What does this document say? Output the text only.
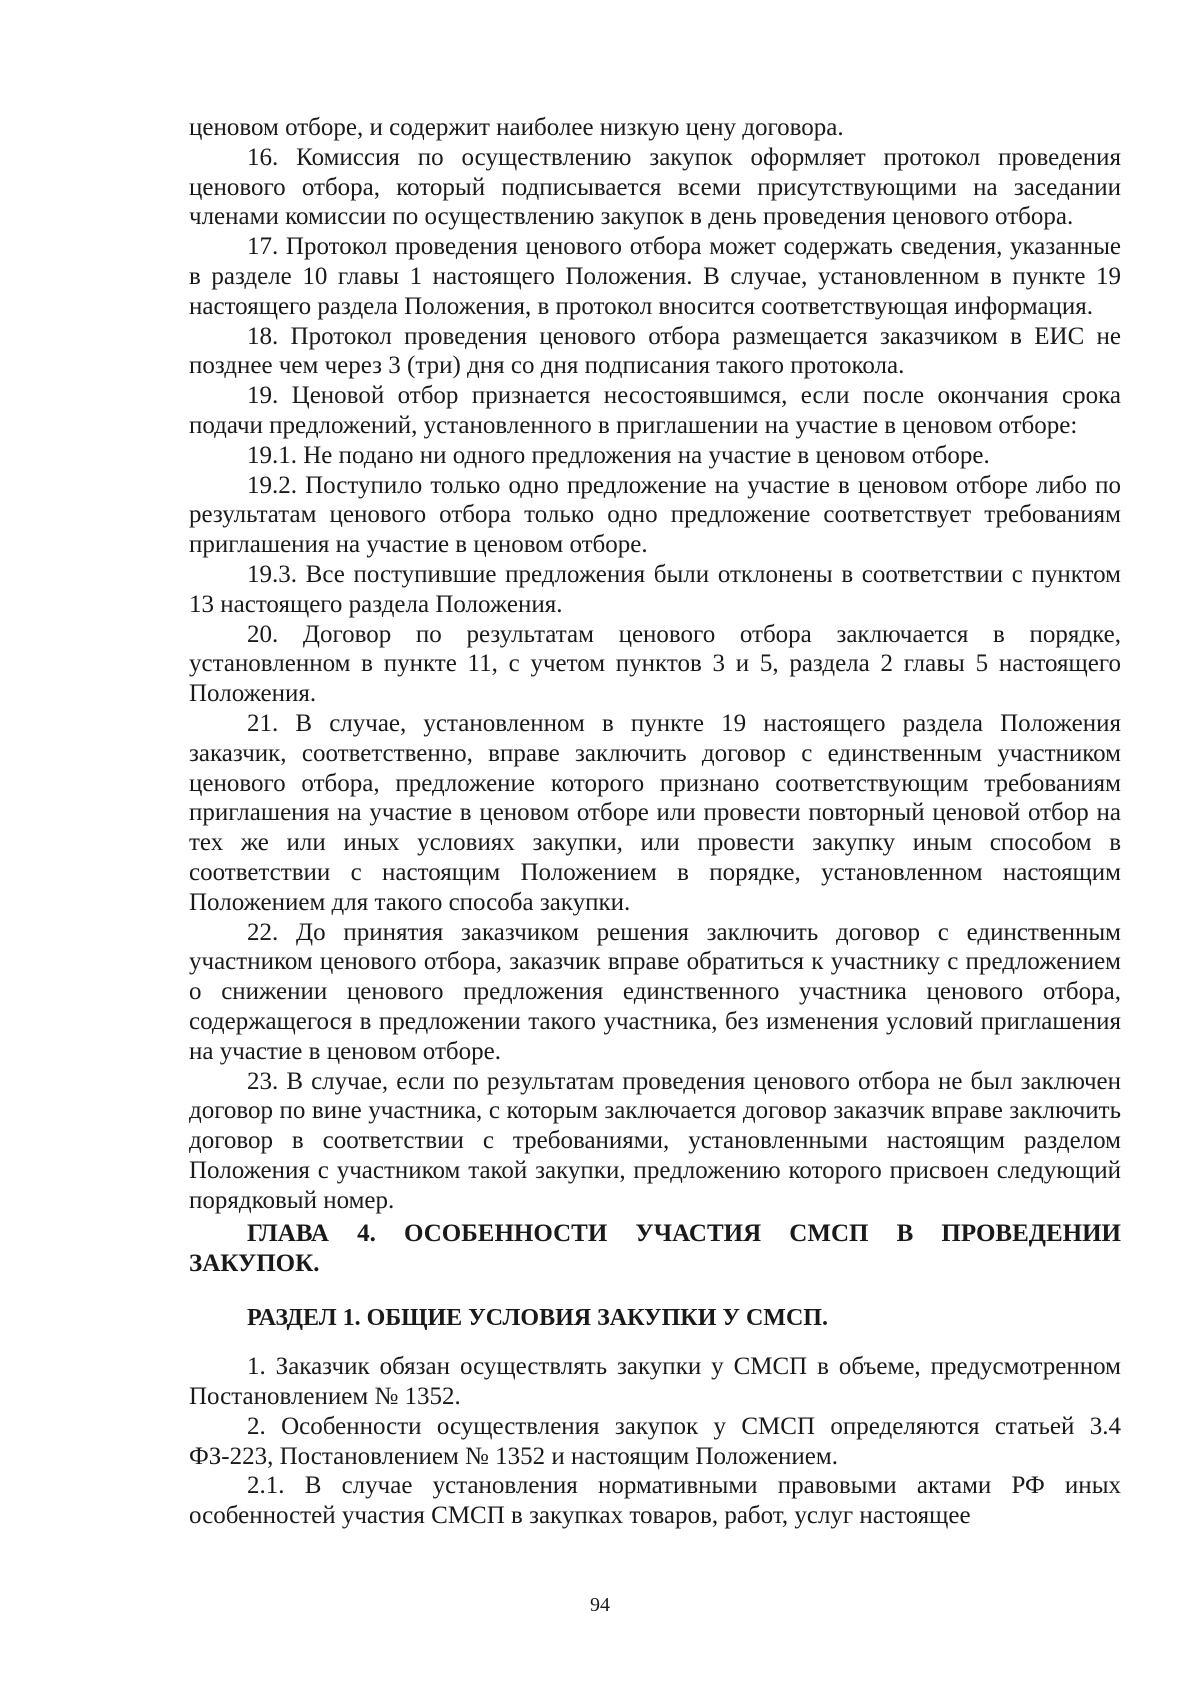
ценовом отборе, и содержит наиболее низкую цену договора.

16. Комиссия по осуществлению закупок оформляет протокол проведения ценового отбора, который подписывается всеми присутствующими на заседании членами комиссии по осуществлению закупок в день проведения ценового отбора.

17. Протокол проведения ценового отбора может содержать сведения, указанные в разделе 10 главы 1 настоящего Положения. В случае, установленном в пункте 19 настоящего раздела Положения, в протокол вносится соответствующая информация.

18. Протокол проведения ценового отбора размещается заказчиком в ЕИС не позднее чем через 3 (три) дня со дня подписания такого протокола.

19. Ценовой отбор признается несостоявшимся, если после окончания срока подачи предложений, установленного в приглашении на участие в ценовом отборе:

19.1. Не подано ни одного предложения на участие в ценовом отборе.

19.2. Поступило только одно предложение на участие в ценовом отборе либо по результатам ценового отбора только одно предложение соответствует требованиям приглашения на участие в ценовом отборе.

19.3. Все поступившие предложения были отклонены в соответствии с пунктом 13 настоящего раздела Положения.

20. Договор по результатам ценового отбора заключается в порядке, установленном в пункте 11, с учетом пунктов 3 и 5, раздела 2 главы 5 настоящего Положения.

21. В случае, установленном в пункте 19 настоящего раздела Положения заказчик, соответственно, вправе заключить договор с единственным участником ценового отбора, предложение которого признано соответствующим требованиям приглашения на участие в ценовом отборе или провести повторный ценовой отбор на тех же или иных условиях закупки, или провести закупку иным способом в соответствии с настоящим Положением в порядке, установленном настоящим Положением для такого способа закупки.

22. До принятия заказчиком решения заключить договор с единственным участником ценового отбора, заказчик вправе обратиться к участнику с предложением о снижении ценового предложения единственного участника ценового отбора, содержащегося в предложении такого участника, без изменения условий приглашения на участие в ценовом отборе.

23. В случае, если по результатам проведения ценового отбора не был заключен договор по вине участника, с которым заключается договор заказчик вправе заключить договор в соответствии с требованиями, установленными настоящим разделом Положения с участником такой закупки, предложению которого присвоен следующий порядковый номер.

ГЛАВА 4. ОСОБЕННОСТИ УЧАСТИЯ СМСП В ПРОВЕДЕНИИ ЗАКУПОК.

РАЗДЕЛ 1. ОБЩИЕ УСЛОВИЯ ЗАКУПКИ У СМСП.

1. Заказчик обязан осуществлять закупки у СМСП в объеме, предусмотренном Постановлением № 1352.

2. Особенности осуществления закупок у СМСП определяются статьей 3.4 ФЗ-223, Постановлением № 1352 и настоящим Положением.

2.1. В случае установления нормативными правовыми актами РФ иных особенностей участия СМСП в закупках товаров, работ, услуг настоящее

94
